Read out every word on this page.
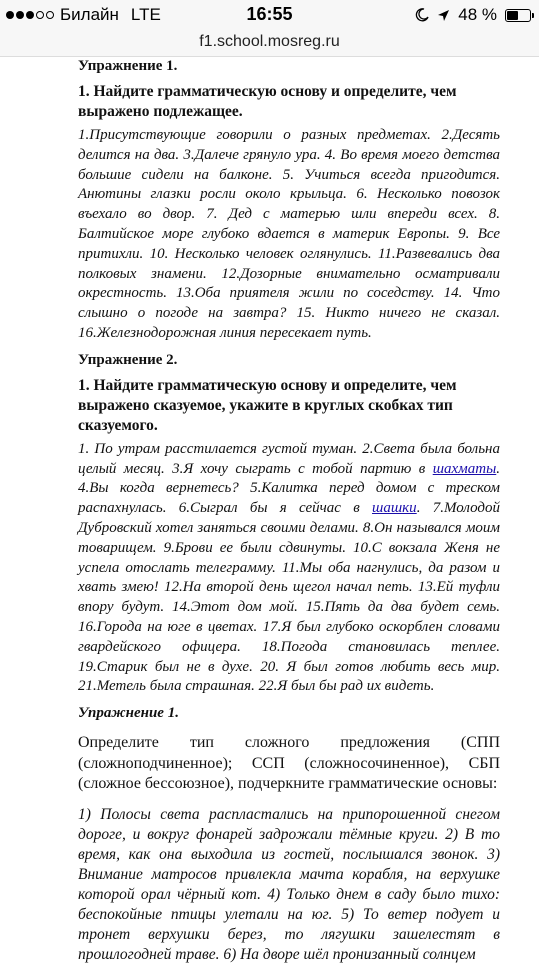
Билайн LTE	16:55	48 %
f1.school.mosreg.ru

Упражнение 1.

1. Найдите грамматическую основу и определите, чем выражено подлежащее.

1.Присутствующие говорили о разных предметах. 2.Десять делится на два. 3.Далече грянуло ура. 4. Во время моего детства большие сидели на балконе. 5. Учиться всегда пригодится. Анютины глазки росли около крыльца. 6. Несколько повозок въехало во двор. 7. Дед с матерью шли впереди всех. 8. Балтийское море глубоко вдается в материк Европы. 9. Все притихли. 10. Несколько человек оглянулись. 11.Развевались два полковых знамени. 12.Дозорные внимательно осматривали окрестность. 13.Оба приятеля жили по соседству. 14. Что слышно о погоде на завтра? 15. Никто ничего не сказал. 16.Железнодорожная линия пересекает путь.

Упражнение 2.

1. Найдите грамматическую основу и определите, чем выражено сказуемое, укажите в круглых скобках тип сказуемого.

1. По утрам расстилается густой туман. 2.Света была больна целый месяц. 3.Я хочу сыграть с тобой партию в шахматы. 4.Вы когда вернетесь? 5.Калитка перед домом с треском распахнулась. 6.Сыграл бы я сейчас в шашки. 7.Молодой Дубровский хотел заняться своими делами. 8.Он назывался моим товарищем. 9.Брови ее были сдвинуты. 10.С вокзала Женя не успела отослать телеграмму. 11.Мы оба нагнулись, да разом и хвать змею! 12.На второй день щегол начал петь. 13.Ей туфли впору будут. 14.Этот дом мой. 15.Пять да два будет семь. 16.Города на юге в цветах. 17.Я был глубоко оскорблен словами гвардейского офицера. 18.Погода становилась теплее. 19.Старик был не в духе. 20. Я был готов любить весь мир. 21.Метель была страшная. 22.Я был бы рад их видеть.

Упражнение 1.

Определите тип сложного предложения (СПП (сложноподчиненное); ССП (сложносочиненное), СБП (сложное бессоюзное), подчеркните грамматические основы:

1) Полосы света распластались на припорошенной снегом дороге, и вокруг фонарей задрожали тёмные круги. 2) В то время, как она выходила из гостей, послышался звонок. 3) Внимание матросов привлекла мачта корабля, на верхушке которой орал чёрный кот. 4) Только днем в саду было тихо: беспокойные птицы улетали на юг. 5) То ветер подует и тронет верхушки берез, то лягушки зашелестят в прошлогодней траве. 6) На дворе шёл пронизанный солнцем
